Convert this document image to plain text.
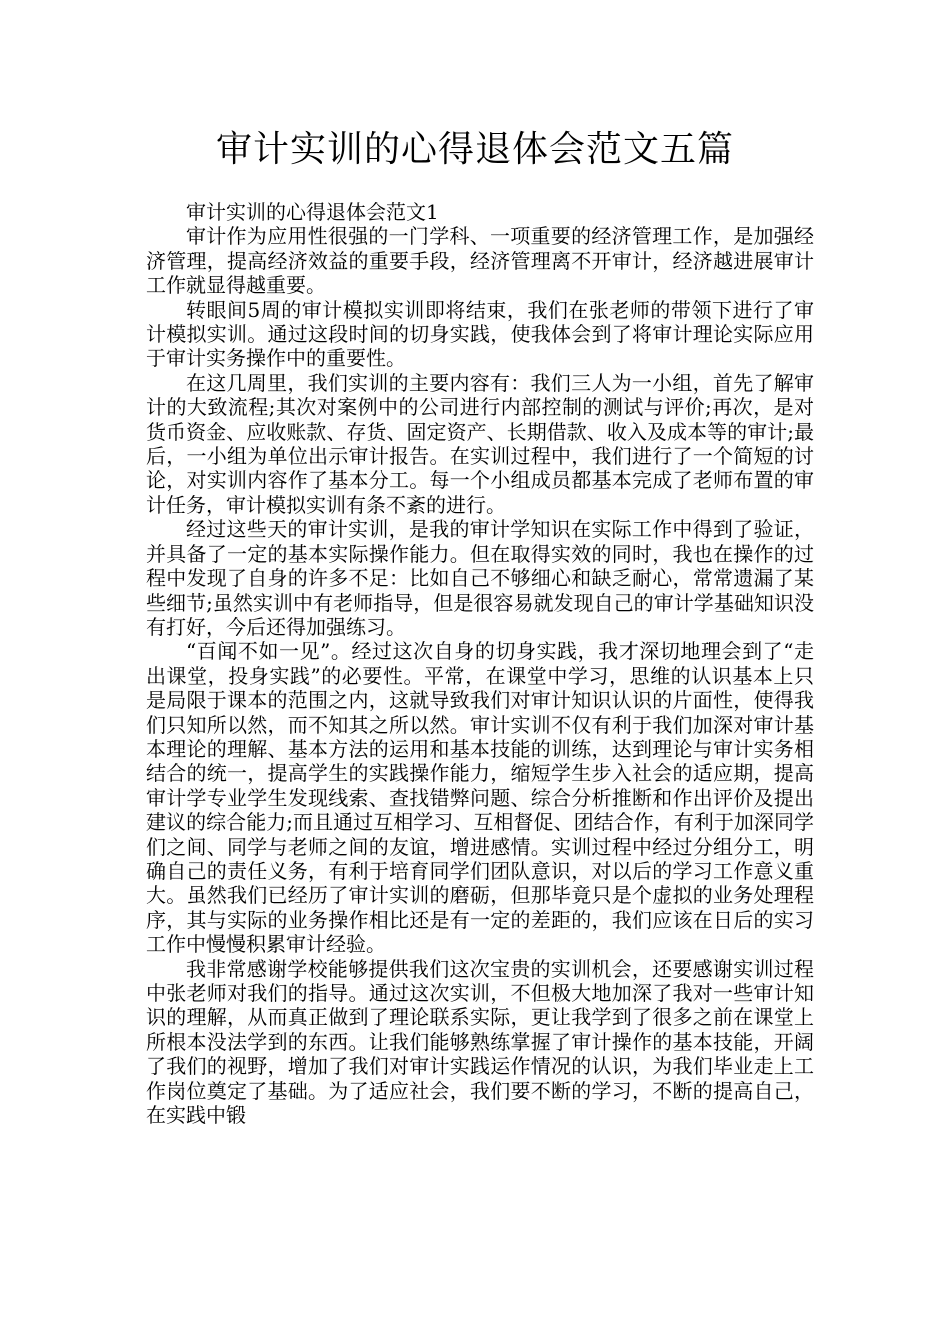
审计实训的心得退体会范文五篇

审计实训的心得退体会范文1

审计作为应用性很强的一门学科、一项重要的经济管理工作，是加强经济管理，提高经济效益的重要手段，经济管理离不开审计，经济越进展审计工作就显得越重要。

转眼间5周的审计模拟实训即将结束，我们在张老师的带领下进行了审计模拟实训。通过这段时间的切身实践，使我体会到了将审计理论实际应用于审计实务操作中的重要性。

在这几周里，我们实训的主要内容有：我们三人为一小组，首先了解审计的大致流程;其次对案例中的公司进行内部控制的测试与评价;再次，是对货币资金、应收账款、存货、固定资产、长期借款、收入及成本等的审计;最后，一小组为单位出示审计报告。在实训过程中，我们进行了一个简短的讨论，对实训内容作了基本分工。每一个小组成员都基本完成了老师布置的审计任务，审计模拟实训有条不紊的进行。

经过这些天的审计实训，是我的审计学知识在实际工作中得到了验证，并具备了一定的基本实际操作能力。但在取得实效的同时，我也在操作的过程中发现了自身的许多不足：比如自己不够细心和缺乏耐心，常常遗漏了某些细节;虽然实训中有老师指导，但是很容易就发现自己的审计学基础知识没有打好，今后还得加强练习。

“百闻不如一见”。经过这次自身的切身实践，我才深切地理会到了“走出课堂，投身实践”的必要性。平常，在课堂中学习，思维的认识基本上只是局限于课本的范围之内，这就导致我们对审计知识认识的片面性，使得我们只知所以然，而不知其之所以然。审计实训不仅有利于我们加深对审计基本理论的理解、基本方法的运用和基本技能的训练，达到理论与审计实务相结合的统一，提高学生的实践操作能力，缩短学生步入社会的适应期，提高审计学专业学生发现线索、查找错弊问题、综合分析推断和作出评价及提出建议的综合能力;而且通过互相学习、互相督促、团结合作，有利于加深同学们之间、同学与老师之间的友谊，增进感情。实训过程中经过分组分工，明确自己的责任义务，有利于培育同学们团队意识，对以后的学习工作意义重大。虽然我们已经历了审计实训的磨砺，但那毕竟只是个虚拟的业务处理程序，其与实际的业务操作相比还是有一定的差距的，我们应该在日后的实习工作中慢慢积累审计经验。

我非常感谢学校能够提供我们这次宝贵的实训机会，还要感谢实训过程中张老师对我们的指导。通过这次实训，不但极大地加深了我对一些审计知识的理解，从而真正做到了理论联系实际，更让我学到了很多之前在课堂上所根本没法学到的东西。让我们能够熟练掌握了审计操作的基本技能，开阔了我们的视野，增加了我们对审计实践运作情况的认识，为我们毕业走上工作岗位奠定了基础。为了适应社会，我们要不断的学习，不断的提高自己，在实践中锻
